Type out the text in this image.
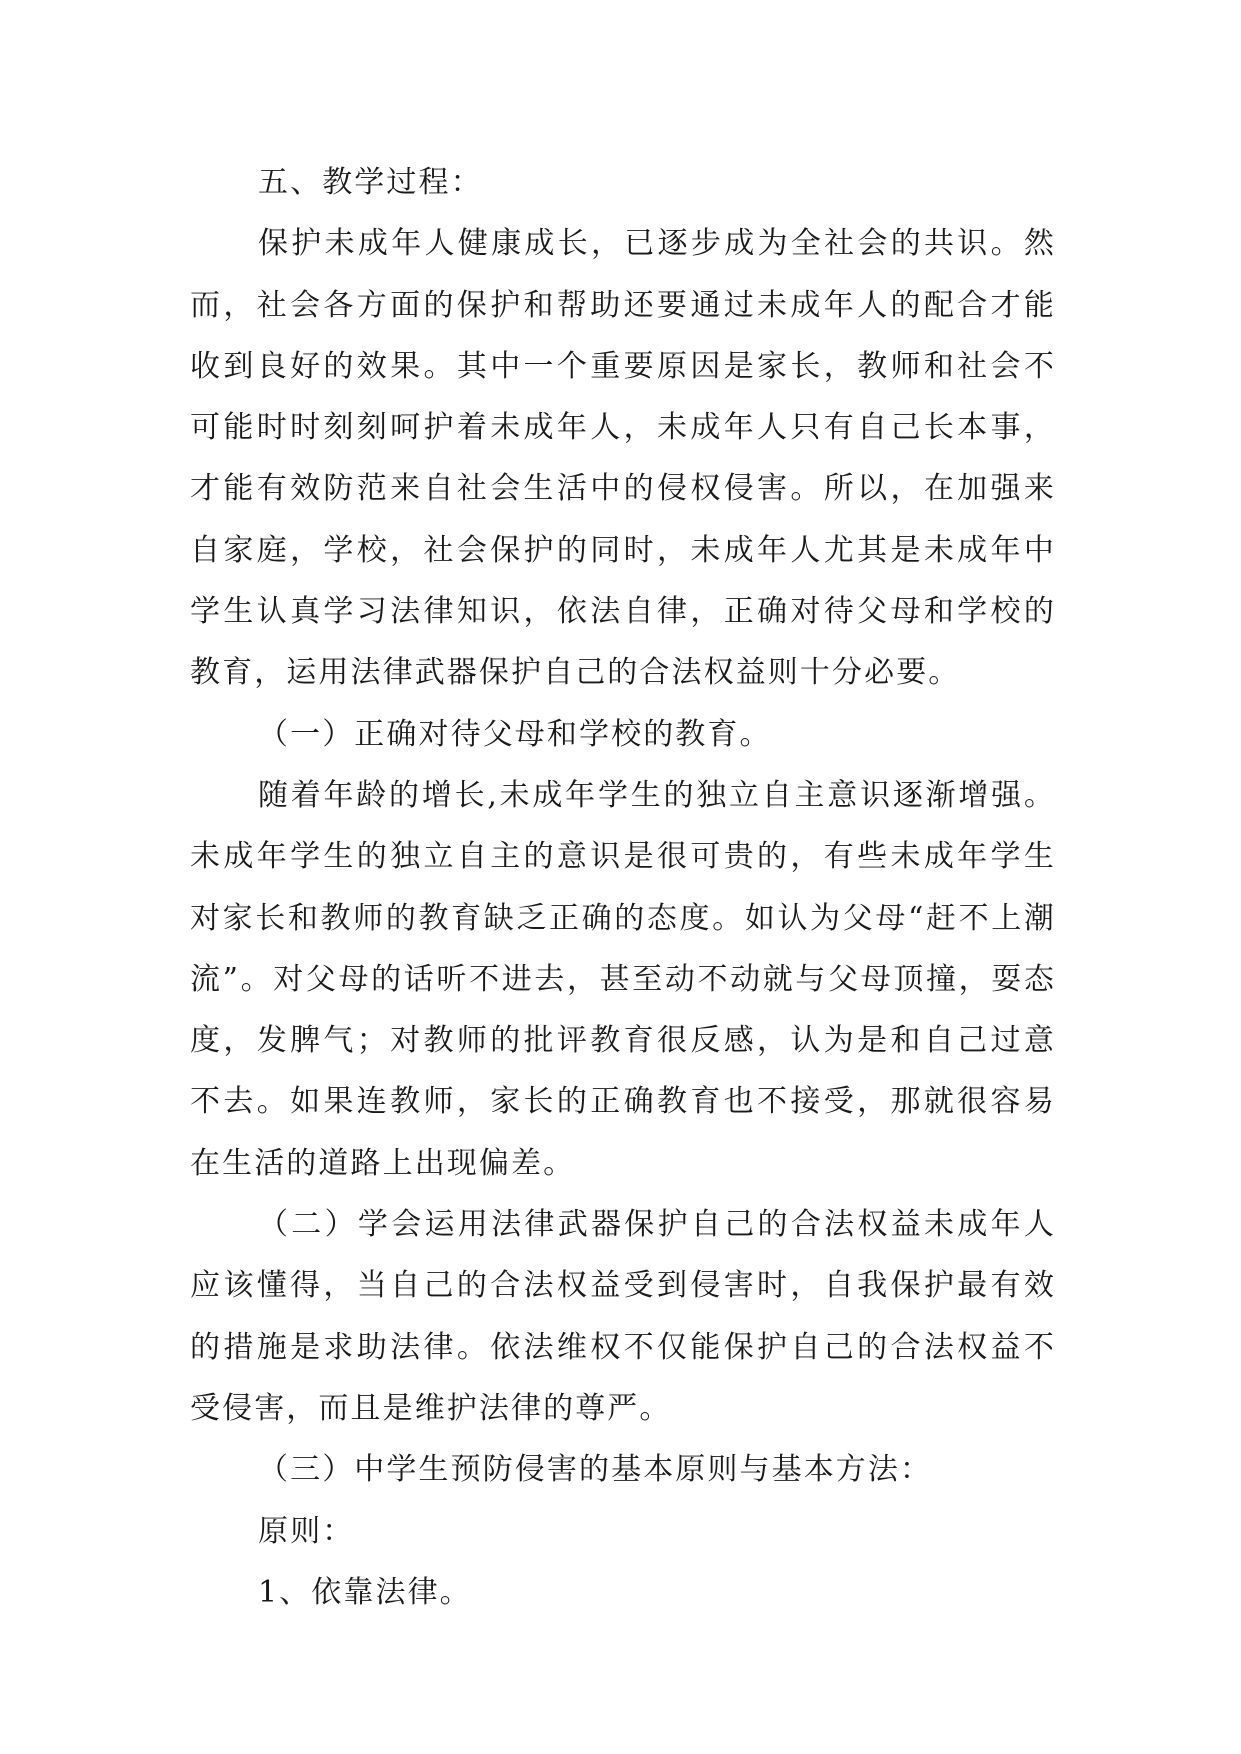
五、教学过程：

保护未成年人健康成长，已逐步成为全社会的共识。然而，社会各方面的保护和帮助还要通过未成年人的配合才能收到良好的效果。其中一个重要原因是家长，教师和社会不可能时时刻刻呵护着未成年人，未成年人只有自己长本事，才能有效防范来自社会生活中的侵权侵害。所以，在加强来自家庭，学校，社会保护的同时，未成年人尤其是未成年中学生认真学习法律知识，依法自律，正确对待父母和学校的教育，运用法律武器保护自己的合法权益则十分必要。

（一）正确对待父母和学校的教育。

随着年龄的增长,未成年学生的独立自主意识逐渐增强。未成年学生的独立自主的意识是很可贵的，有些未成年学生对家长和教师的教育缺乏正确的态度。如认为父母“赶不上潮流”。对父母的话听不进去，甚至动不动就与父母顶撞，耍态度，发脾气；对教师的批评教育很反感，认为是和自己过意不去。如果连教师，家长的正确教育也不接受，那就很容易在生活的道路上出现偏差。

（二）学会运用法律武器保护自己的合法权益未成年人应该懂得，当自己的合法权益受到侵害时，自我保护最有效的措施是求助法律。依法维权不仅能保护自己的合法权益不受侵害，而且是维护法律的尊严。

（三）中学生预防侵害的基本原则与基本方法：

原则：

1、依靠法律。
